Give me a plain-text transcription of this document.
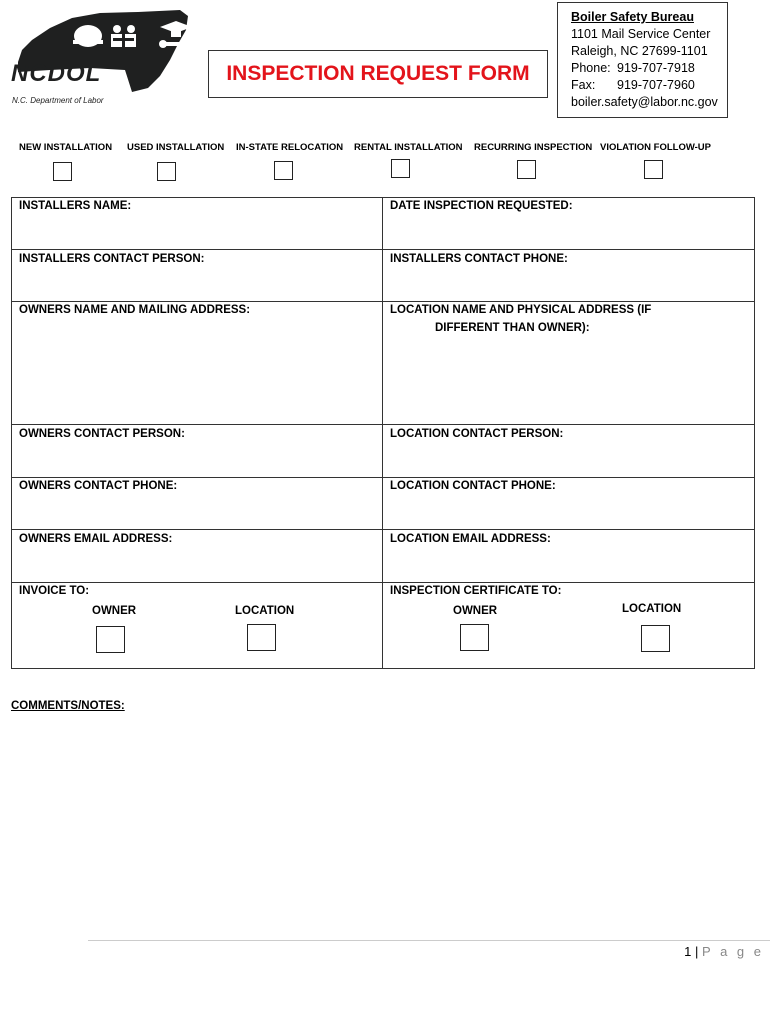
NCDOL
N.C. Department of Labor
INSPECTION REQUEST FORM
Boiler Safety Bureau
1101 Mail Service Center
Raleigh, NC 27699-1101
Phone: 919-707-7918
Fax:	919-707-7960
boiler.safety@labor.nc.gov
NEW INSTALLATION USED INSTALLATION IN-STATE RELOCATION RENTAL INSTALLATION RECURRING INSPECTION VIOLATION FOLLOW-UP
INSTALLERS NAME:	DATE INSPECTION REQUESTED:
INSTALLERS CONTACT PERSON:	INSTALLERS CONTACT PHONE:
OWNERS NAME AND MAILING ADDRESS:	LOCATION NAME AND PHYSICAL ADDRESS (IF
DIFFERENT THAN OWNER):
OWNERS CONTACT PERSON:	LOCATION CONTACT PERSON:
OWNERS CONTACT PHONE:	LOCATION CONTACT PHONE:
OWNERS EMAIL ADDRESS:	LOCATION EMAIL ADDRESS:
INVOICE TO:	INSPECTION CERTIFICATE TO:
OWNER	LOCATION	OWNER	LOCATION
COMMENTS/NOTES:
1 | P a g e
